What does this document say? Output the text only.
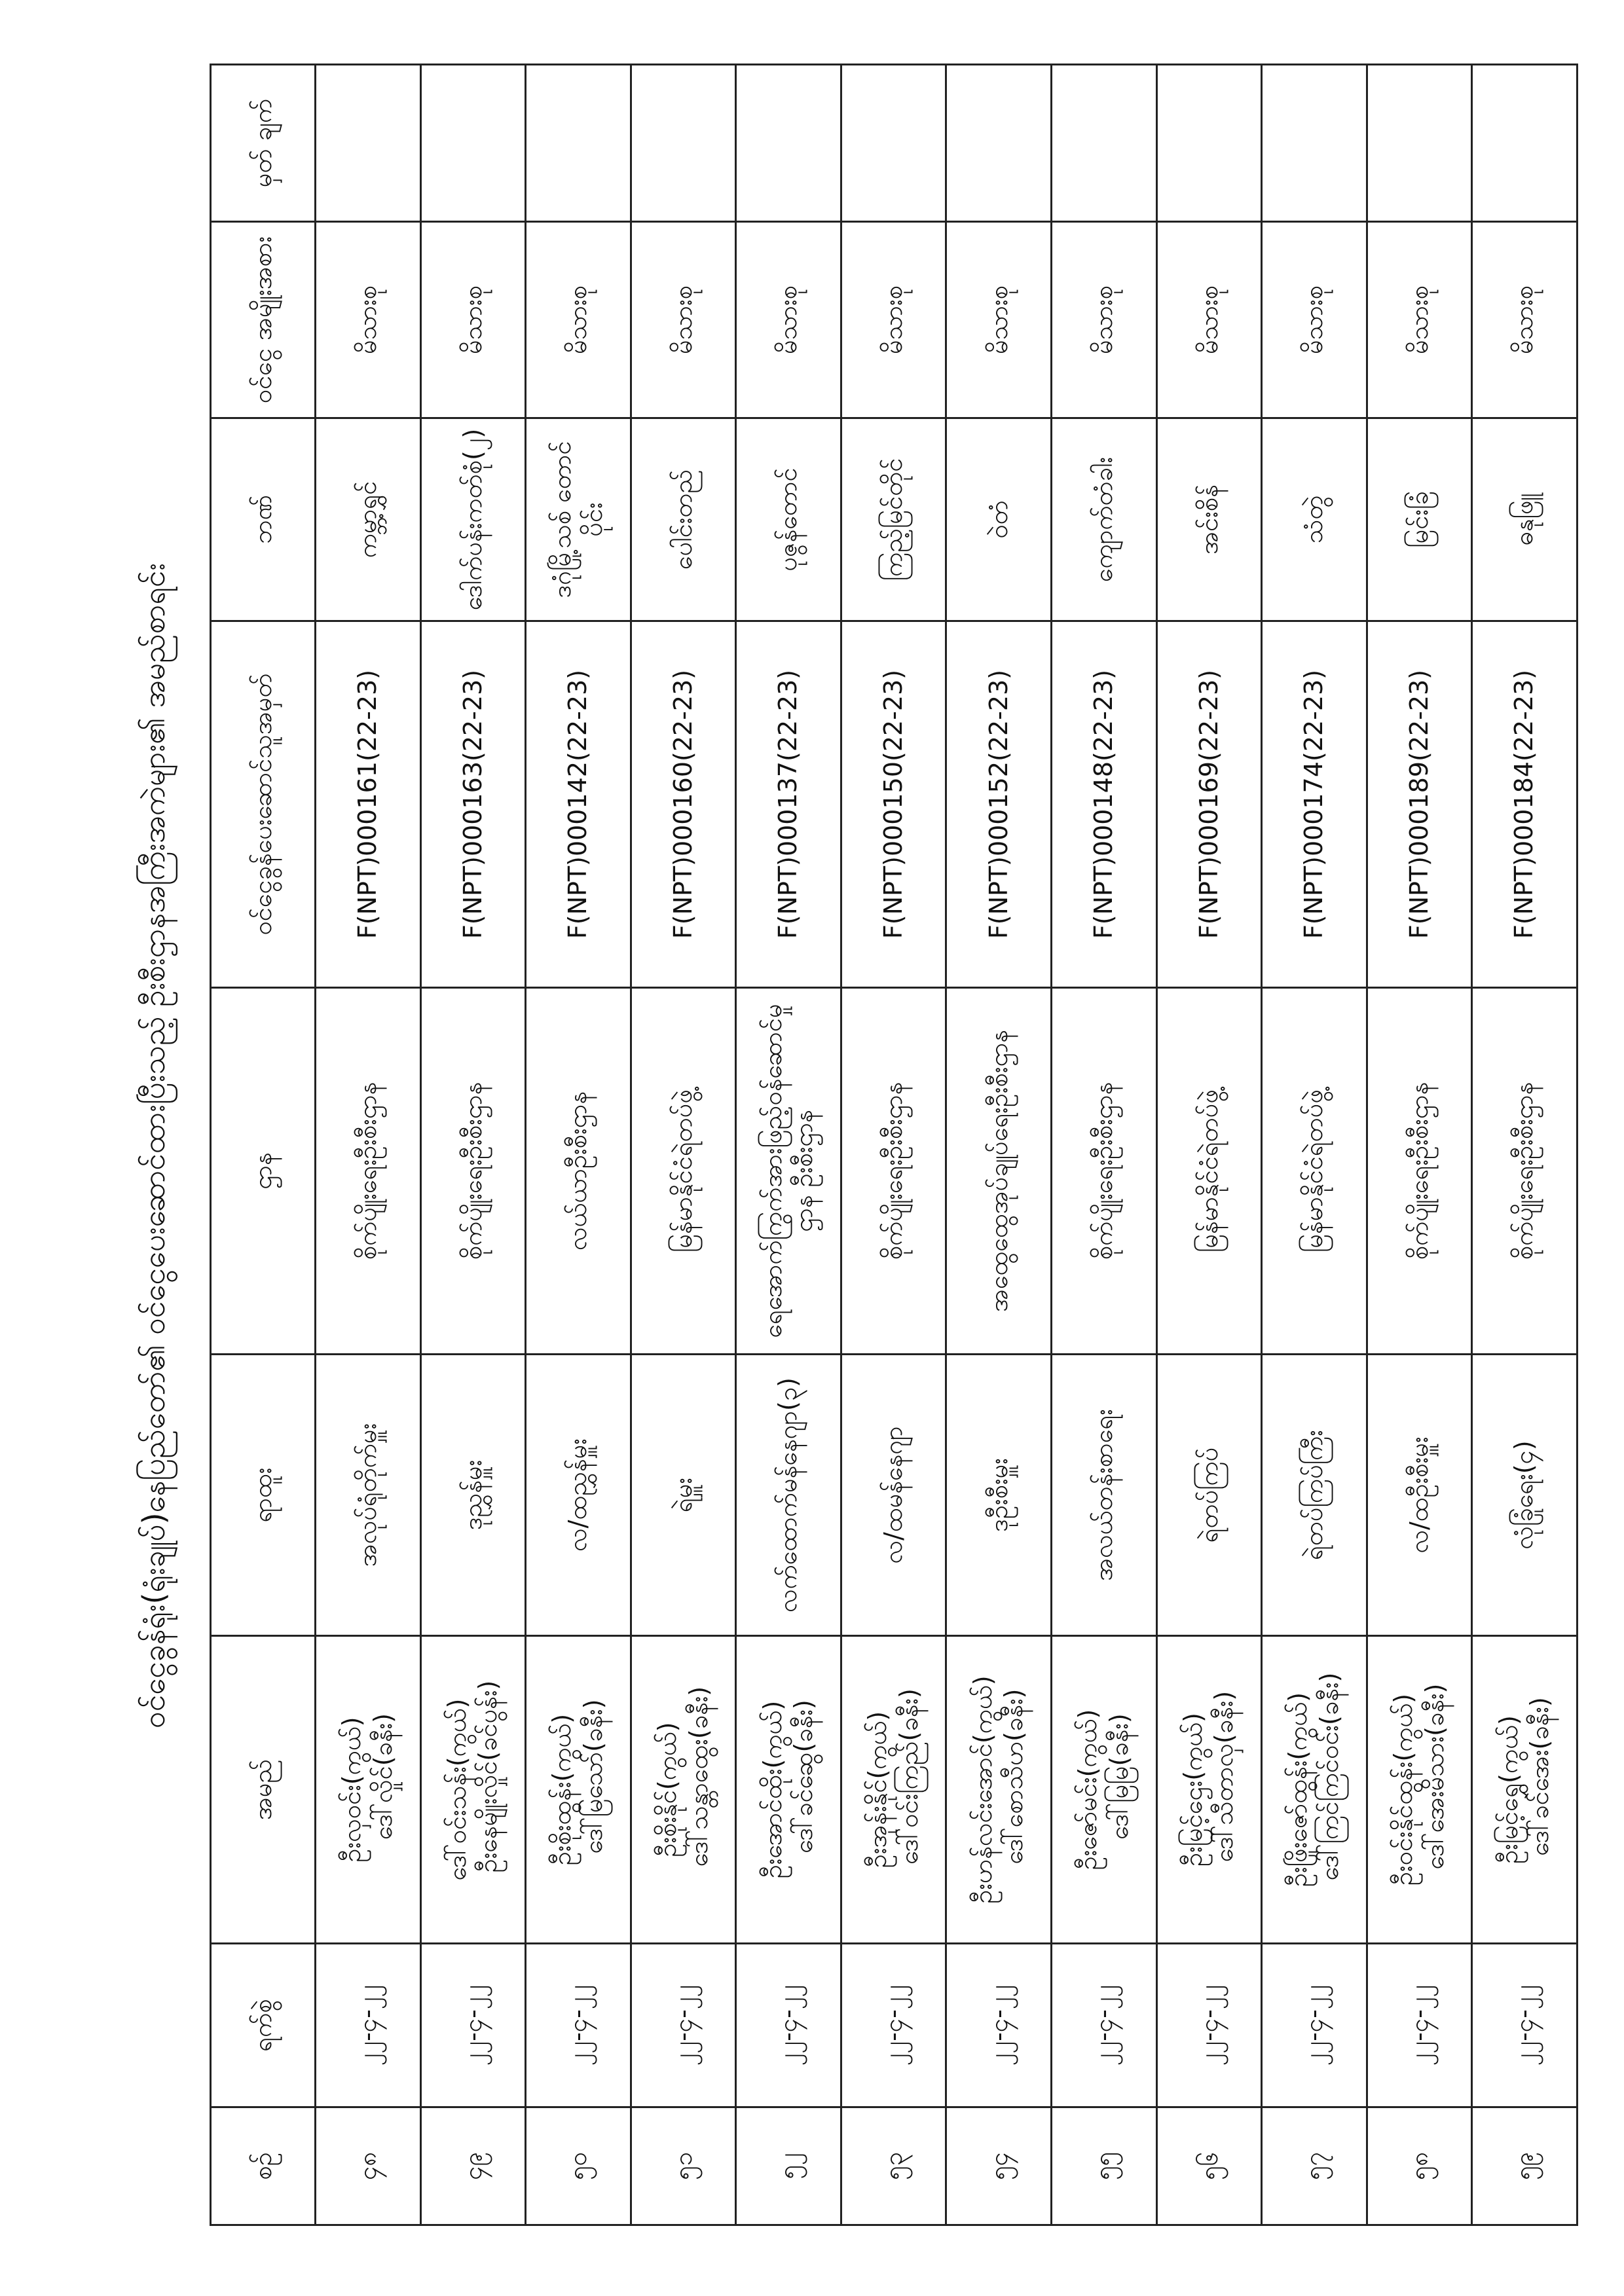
ဝင်ငွေခွန်ရုံး(ရုံးချုပ်)နေပြည်တော်၏ ဝင်ငွေပေးဆောင်ထားပြီးသည့် ဦးစီးဌာနအကြီးအကဲများ၏ အမည်စာရင်း
စဉ်	ရက်စွဲ	အမည်	ရာထူး	ဌာန	ဝင်ငွေခွန်ပေးဆောင်သူအမှတ်	ဘဏ်	ဝင်ငွေ အမျိုးအစား	မှတ် ချက်
၄၈	၂၂-၄-၂၂	ဦးလှဝင်း(ကွယ်) ဒေါ်လှိုင်(ခနီး)	အလုပ်ရုံတိုက်မှူး	စိုက်ပျိုးရေးဦးစီးဌာန	F(NPT)000161(22-23)	ကမ္ဘာ့ရွှင်	မိသားစု	
၄၉	၂၂-၄-၂၂	ဒေါ်ဝင်းသန်း(ကွယ်) ဦးနေမျိုးလှိုင်(ခင်ပွန်း)	ဒုညွှန်မှူး	စိုက်ပျိုးရေးဦးစီးဌာန	F(NPT)000163(22-23)	ဒေါက်ပန်းကတ်စုံ(၂)	မိသားစု	
၅၀	၂၂-၄-၂၂	ဦးစိုးထွန်း(ကွယ်) ဒေါ်မြသော်(ခနီး)	လ/ထညွှန်မှူး	လယ်ယာဦးစီးဌာန	F(NPT)000142(22-23)	ဒဂုံမြို့သစ် တောင်ပိုင်း	မိသားစု	
၅၁	၂၂-၄-၂၂	ဦးစိုးနိုင်(ကွယ်) ဒေါ်သန္တာထွေး(ခနီး)	ရဲမှူး	မြန်မာနိုင်ငံရဲတပ်ဖွဲ့	F(NPT)000160(22-23)	ပေါင်းတည်	မိသားစု	
၅၂	၂၂-၄-၂၂	ဦးအောင်ထိုး(ကွယ်) ဒေါ်ခင်ဆွေ(ခနီး)	လက်ထောက်မန်နေဂျာ(၃)	ရေအောက်ကြွက်အားဖြည့်ဝန်ဆောင်မှုဌာန ဦးစီးဌာန	F(NPT)000137(22-23)	ပုဇွန်တောင်	မိသားစု	
၅၃	၂၂-၄-၂၂	ဦးအုန်းနိုင်(ကွယ်) ဒေါ်ဝင်းကြည်(ခနီး)	လ/ထမန်နေဂျာ	စိုက်ပျိုးရေးဦးစီးဌာန	F(NPT)000150(22-23)	ကြည့်မြင်တိုင်	မိသားစု	
၅၄	၂၂-၄-၂၂	ဦးဟန်လင်းအောင်(ကွယ်) ဒေါ်စောသီဟ(ခနီး)	ဒုဦးစီးမှူး	အထွေထွေအုပ်ချုပ်ရေးဦးစီးဌာန	F(NPT)000152(22-23)	ဝဲတံ	မိသားစု	
၅၅	၂၂-၄-၂၂	ဦးဇော်မင်း(ကွယ်) ဒေါ်မြမြ(ခနီး)	အလယ်တန်းစာရေး	စိုက်ပျိုးရေးဦးစီးဌာန	F(NPT)000148(22-23)	ကျောက်တံခါး	မိသားစု	
၅၆	၂၂-၄-၂၂	ဦးမြင့်ဌေး(ကွယ်) ဒေါ်သီတာလှ(ခနီး)	ရဲတပ်ကြပ်	မြန်မာနိုင်ငံရဲတပ်ဖွဲ့	F(NPT)000169(22-23)	အင်းစိန်	မိသားစု	
၅၇	၂၂-၄-၂၂	ဦးဖြိုးဇော်ထွန်း(ကွယ်) ဒေါ်ကြင်ကြင်ဝင်း(ခနီး)	ရဲတပ်ကြပ်ကြီး	မြန်မာနိုင်ငံရဲတပ်ဖွဲ့	F(NPT)000174(22-23)	သံတွဲ	မိသားစု	
၅၈	၂၂-၄-၂၂	ဦးဝင်းနိုင်ထွန်း(ကွယ်) ဒေါ်အေးမိသား(ခနီး)	လ/ထဦးစီးမှူး	စိုက်ပျိုးရေးဦးစီးဌာန	F(NPT)000189(22-23)	မြင်းခြံ	မိသားစု	
၅၉	၂၂-၄-၂၂	ဦးမြင့်ရွှေ(ကွယ်) ဒေါ်ခင်အေး(ခနီး)	လုံခြုံရေး(၄)	စိုက်ပျိုးရေးဦးစီးဌာန	F(NPT)000184(22-23)	ဓနုဖြူ	မိသားစု	
